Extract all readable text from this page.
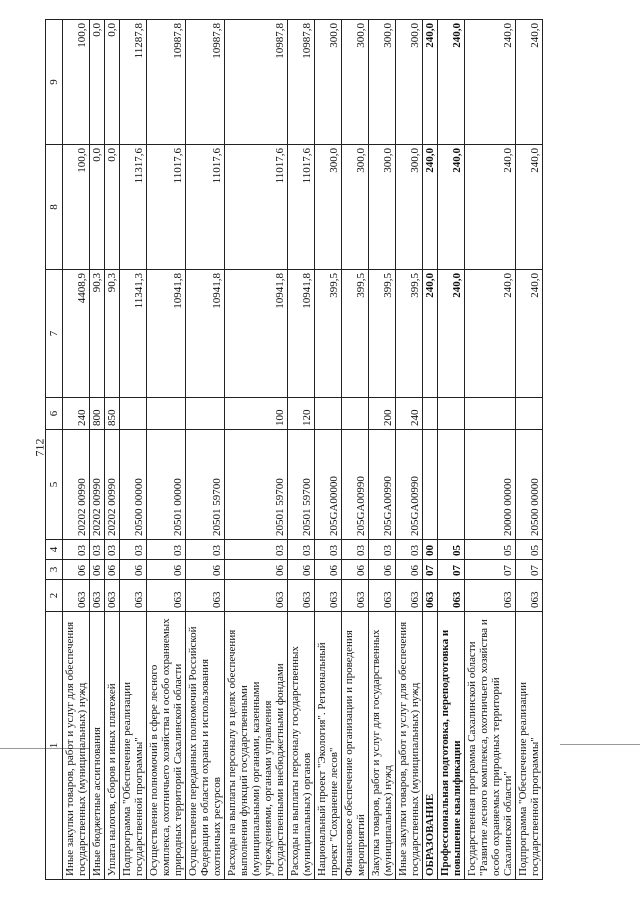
712
1	2	3	4	5	6	7	8	9
Иные закупки товаров, работ и услуг для обеспечения государственных (муниципальных) нужд	063	06	03	20202 00990	240	4408,9	100,0	100,0
Иные бюджетные ассигнования	063	06	03	20202 00990	800	90,3	0,0	0,0
Уплата налогов, сборов и иных платежей	063	06	03	20202 00990	850	90,3	0,0	0,0
Подпрограмма "Обеспечение реализации государственной программы"	063	06	03	20500 00000		11341,3	11317,6	11287,8
Осуществление полномочий в сфере лесного комплекса, охотничьего хозяйства и особо охраняемых природных территорий Сахалинской области	063	06	03	20501 00000		10941,8	11017,6	10987,8
Осуществление переданных полномочий Российской Федерации в области охраны и использования охотничьих ресурсов	063	06	03	20501 59700		10941,8	11017,6	10987,8
Расходы на выплаты персоналу в целях обеспечения выполнения функций государственными (муниципальными) органами, казенными учреждениями, органами управления государственными внебюджетными фондами	063	06	03	20501 59700	100	10941,8	11017,6	10987,8
Расходы на выплаты персоналу государственных (муниципальных) органов	063	06	03	20501 59700	120	10941,8	11017,6	10987,8
Национальный проект "Экология". Региональный проект "Сохранение лесов"	063	06	03	205GA00000		399,5	300,0	300,0
Финансовое обеспечение организации и проведения мероприятий	063	06	03	205GA00990		399,5	300,0	300,0
Закупка товаров, работ и услуг для государственных (муниципальных) нужд	063	06	03	205GA00990	200	399,5	300,0	300,0
Иные закупки товаров, работ и услуг для обеспечения государственных (муниципальных) нужд	063	06	03	205GA00990	240	399,5	300,0	300,0
ОБРАЗОВАНИЕ	063	07	00			240,0	240,0	240,0
Профессиональная подготовка, переподготовка и повышение квалификации	063	07	05			240,0	240,0	240,0
Государственная программа Сахалинской области "Развитие лесного комплекса, охотничьего хозяйства и особо охраняемых природных территорий Сахалинской области"	063	07	05	20000 00000		240,0	240,0	240,0
Подпрограмма "Обеспечение реализации государственной программы"	063	07	05	20500 00000		240,0	240,0	240,0
